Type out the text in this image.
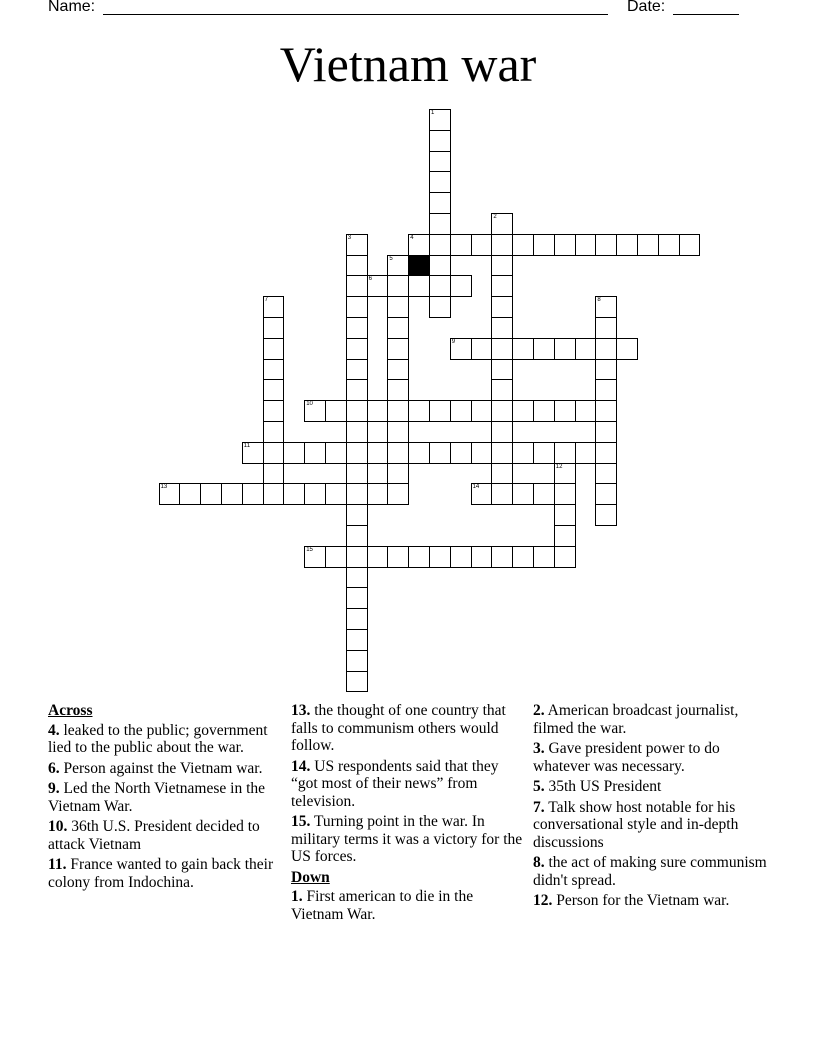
Name:	Date:
Vietnam war
1
2
3	4
5
6
7	8
9
10
11
12
13	14
15
Across
4. leaked to the public; government lied to the public about the war.
6. Person against the Vietnam war.
9. Led the North Vietnamese in the Vietnam War.
10. 36th U.S. President decided to attack Vietnam
11. France wanted to gain back their colony from Indochina.
13. the thought of one country that falls to communism others would follow.
14. US respondents said that they “got most of their news” from television.
15. Turning point in the war. In military terms it was a victory for the US forces.
Down
1. First american to die in the Vietnam War.
2. American broadcast journalist, filmed the war.
3. Gave president power to do whatever was necessary.
5. 35th US President
7. Talk show host notable for his conversational style and in-depth discussions
8. the act of making sure communism didn't spread.
12. Person for the Vietnam war.
